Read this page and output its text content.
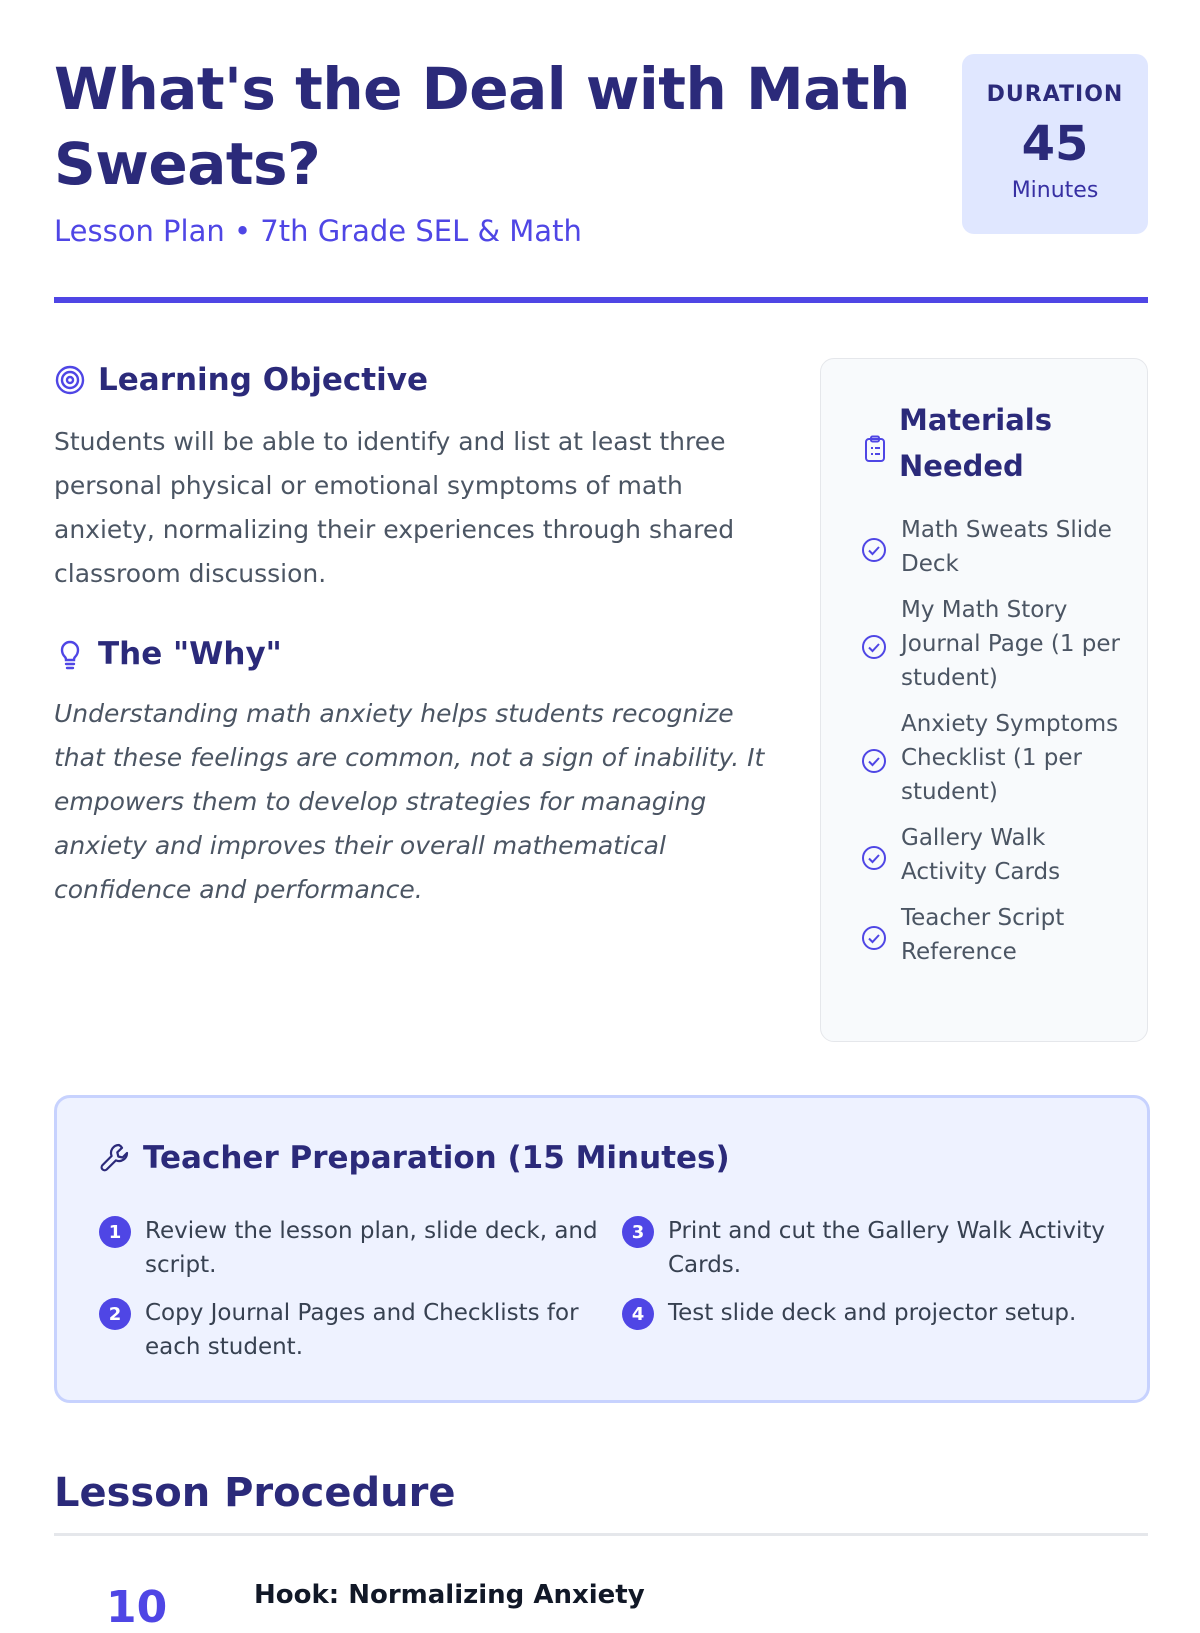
What's the Deal with Math Sweats?

Lesson Plan • 7th Grade SEL & Math

DURATION
45
Minutes
Learning Objective

Students will be able to identify and list at least three personal physical or emotional symptoms of math anxiety, normalizing their experiences through shared classroom discussion.

The "Why"

Understanding math anxiety helps students recognize that these feelings are common, not a sign of inability. It empowers them to develop strategies for managing anxiety and improves their overall mathematical confidence and performance.

Materials Needed
Math Sweats Slide Deck
My Math Story Journal Page (1 per student)
Anxiety Symptoms Checklist (1 per student)
Gallery Walk Activity Cards
Teacher Script Reference
Teacher Preparation (15 Minutes)
1	Review the lesson plan, slide deck, and script.
3	Print and cut the Gallery Walk Activity Cards.
2	Copy Journal Pages and Checklists for each student.
4	Test slide deck and projector setup.
Lesson Procedure
10	Hook: Normalizing Anxiety
